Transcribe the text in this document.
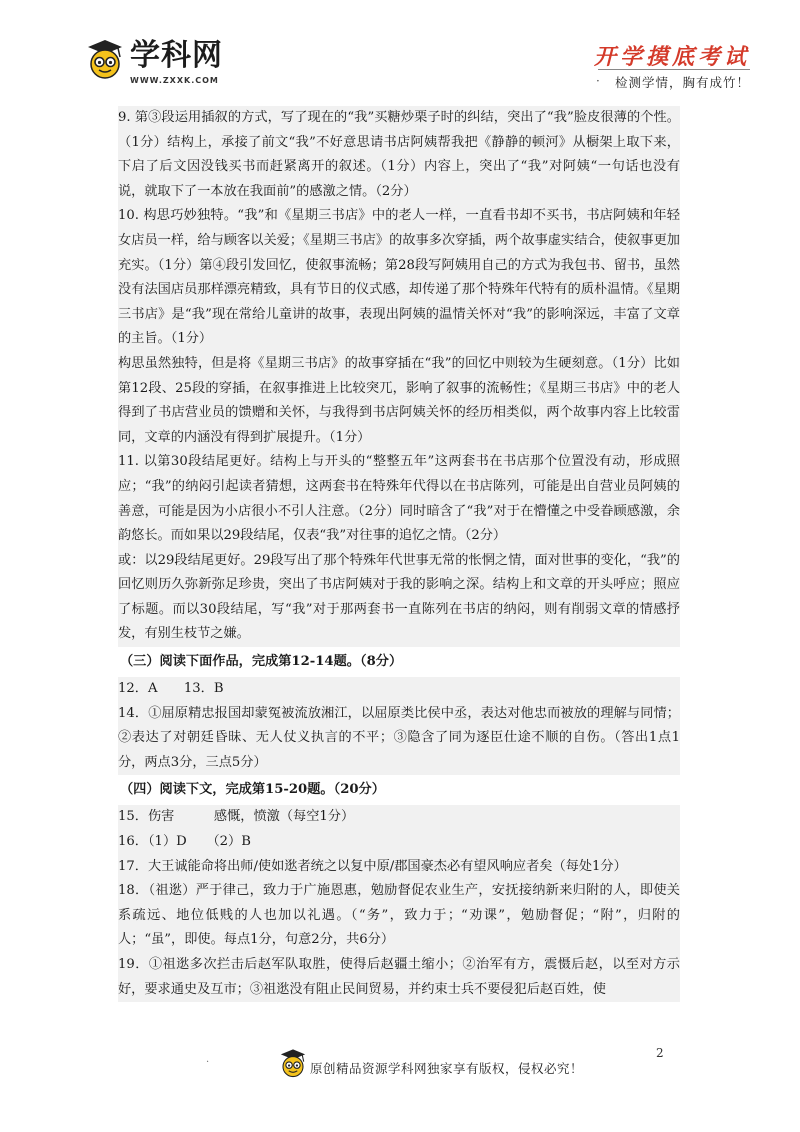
学科网
WWW.ZXXK.COM
开学摸底考试
· 检测学情，胸有成竹！

9. 第③段运用插叙的方式，写了现在的“我”买糖炒栗子时的纠结，突出了“我”脸皮很薄的个性。（1分）结构上，承接了前文“我”不好意思请书店阿姨帮我把《静静的顿河》从橱架上取下来，下启了后文因没钱买书而赶紧离开的叙述。（1分）内容上，突出了“我”对阿姨“一句话也没有说，就取下了一本放在我面前”的感激之情。（2分）

10. 构思巧妙独特。“我”和《星期三书店》中的老人一样，一直看书却不买书，书店阿姨和年轻女店员一样，给与顾客以关爱；《星期三书店》的故事多次穿插，两个故事虚实结合，使叙事更加充实。（1分）第④段引发回忆，使叙事流畅；第28段写阿姨用自己的方式为我包书、留书，虽然没有法国店员那样漂亮精致，具有节日的仪式感，却传递了那个特殊年代特有的质朴温情。《星期三书店》是“我”现在常给儿童讲的故事，表现出阿姨的温情关怀对“我”的影响深远，丰富了文章的主旨。（1分）

构思虽然独特，但是将《星期三书店》的故事穿插在“我”的回忆中则较为生硬刻意。（1分）比如第12段、25段的穿插，在叙事推进上比较突兀，影响了叙事的流畅性；《星期三书店》中的老人得到了书店营业员的馈赠和关怀，与我得到书店阿姨关怀的经历相类似，两个故事内容上比较雷同，文章的内涵没有得到扩展提升。（1分）

11. 以第30段结尾更好。结构上与开头的“整整五年”这两套书在书店那个位置没有动，形成照应；“我”的纳闷引起读者猜想，这两套书在特殊年代得以在书店陈列，可能是出自营业员阿姨的善意，可能是因为小店很小不引人注意。（2分）同时暗含了“我”对于在懵懂之中受眷顾感激，余韵悠长。而如果以29段结尾，仅表“我”对往事的追忆之情。（2分）

或：以29段结尾更好。29段写出了那个特殊年代世事无常的怅惘之情，面对世事的变化，“我”的回忆则历久弥新弥足珍贵，突出了书店阿姨对于我的影响之深。结构上和文章的开头呼应；照应了标题。而以30段结尾，写“我”对于那两套书一直陈列在书店的纳闷，则有削弱文章的情感抒发，有别生枝节之嫌。

（三）阅读下面作品，完成第12-14题。（8分）

12．A　　13．B

14．①屈原精忠报国却蒙冤被流放湘江，以屈原类比侯中丞，表达对他忠而被放的理解与同情；②表达了对朝廷昏昧、无人仗义执言的不平；③隐含了同为逐臣仕途不顺的自伤。（答出1点1分，两点3分，三点5分）

（四）阅读下文，完成第15-20题。（20分）

15．伤害　　　感慨，愤激（每空1分）

16．（1）D　　（2）B

17．大王诚能命将出师/使如逖者统之以复中原/郡国豪杰必有望风响应者矣（每处1分）

18．（祖逖）严于律己，致力于广施恩惠，勉励督促农业生产，安抚接纳新来归附的人，即使关系疏远、地位低贱的人也加以礼遇。（“务”，致力于；“劝课”，勉励督促；“附”，归附的人；“虽”，即使。每点1分，句意2分，共6分）

19．①祖逖多次拦击后赵军队取胜，使得后赵疆土缩小；②治军有方，震慑后赵，以至对方示好，要求通史及互市；③祖逖没有阻止民间贸易，并约束士兵不要侵犯后赵百姓，使

·	原创精品资源学科网独家享有版权，侵权必究！
2
